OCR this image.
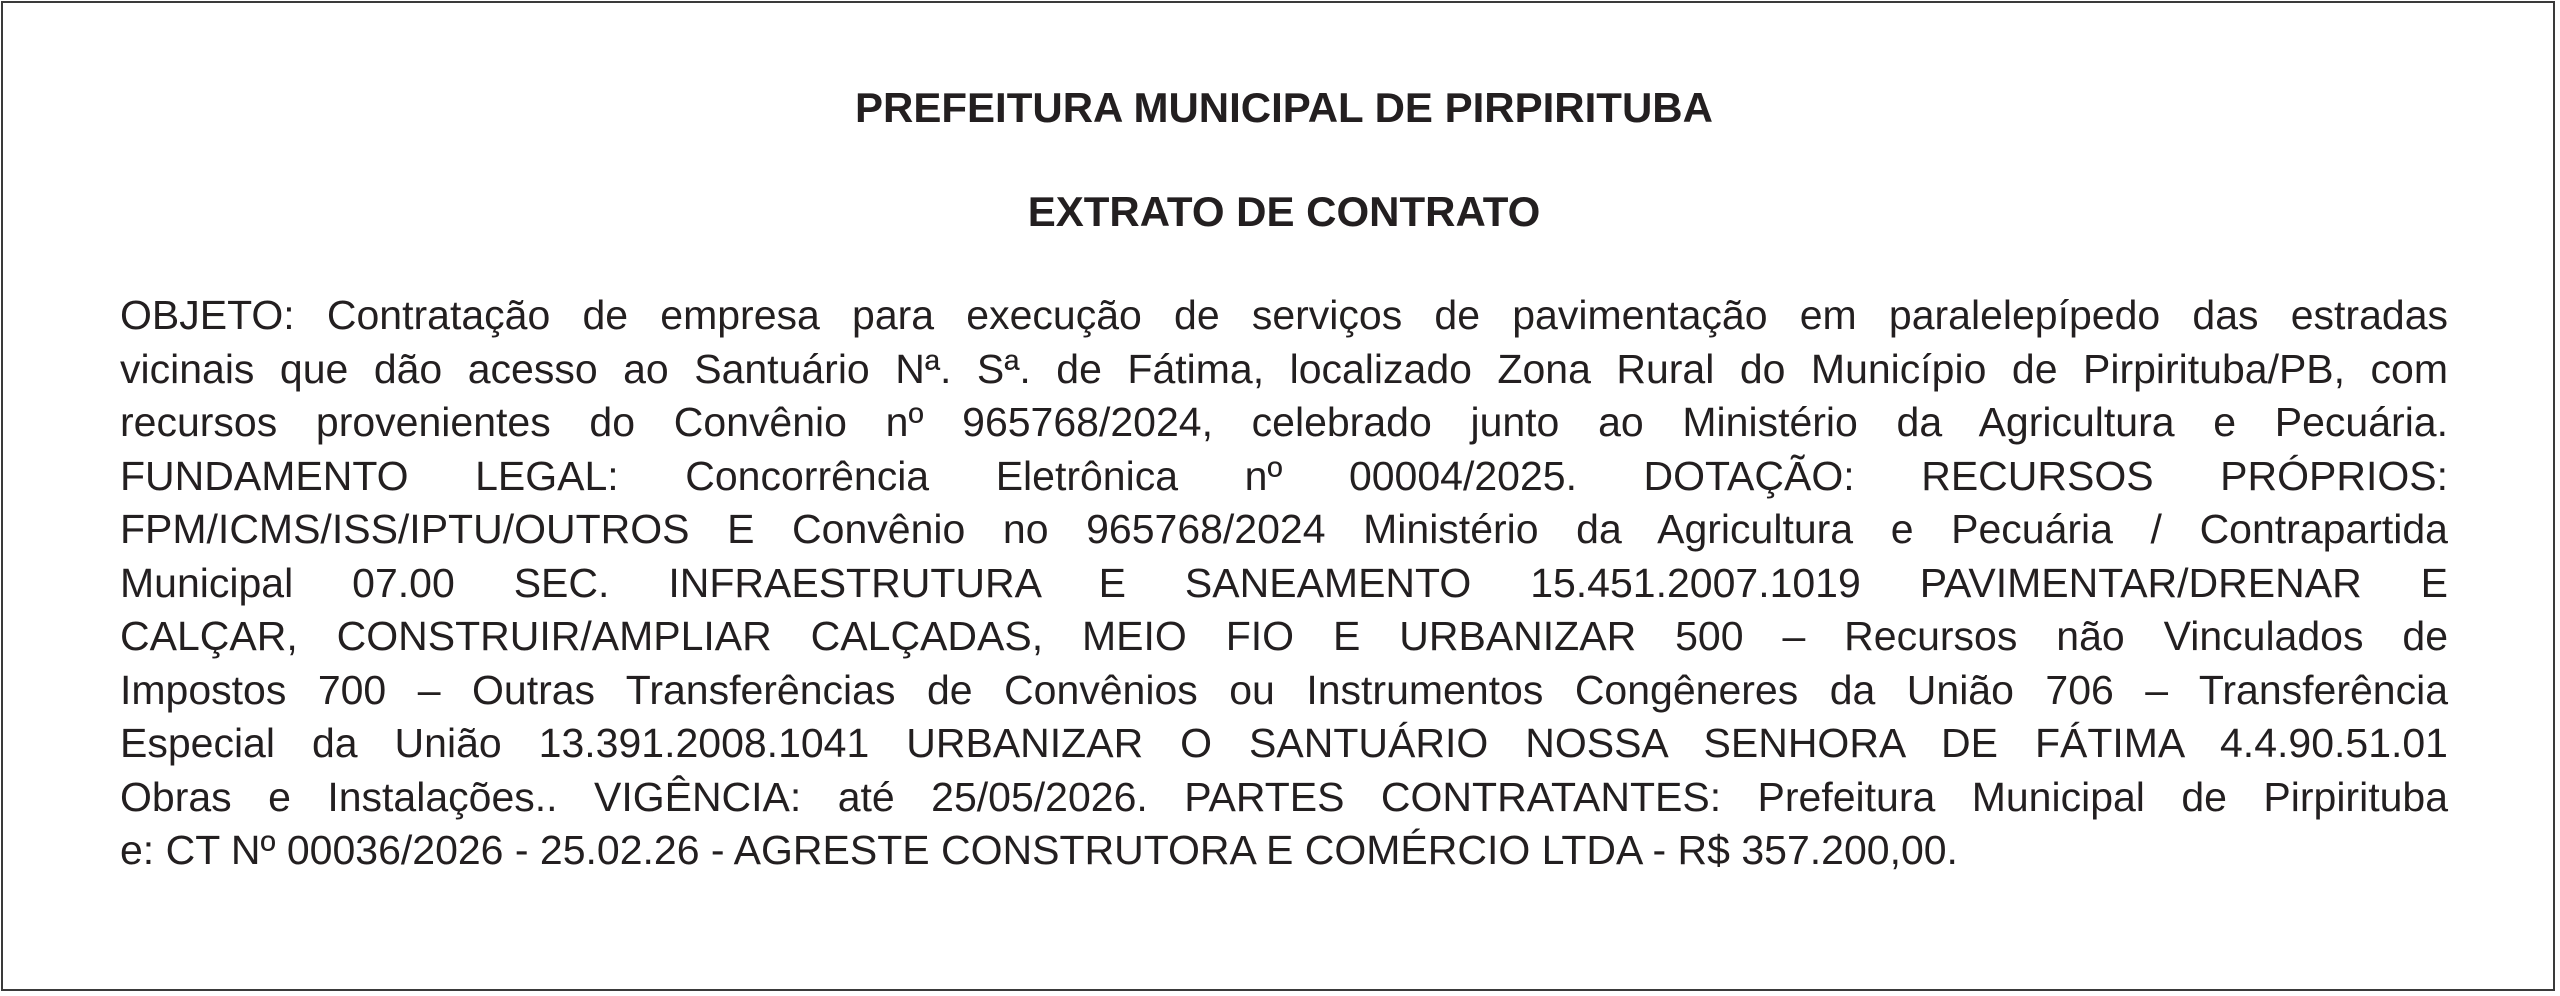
PREFEITURA MUNICIPAL DE PIRPIRITUBA

EXTRATO DE CONTRATO

OBJETO: Contratação de empresa para execução de serviços de pavimentação em paralelepípedo das estradas
vicinais que dão acesso ao Santuário Nª. Sª. de Fátima, localizado Zona Rural do Município de Pirpirituba/PB, com
recursos provenientes do Convênio nº 965768/2024, celebrado junto ao Ministério da Agricultura e Pecuária.
FUNDAMENTO LEGAL: Concorrência Eletrônica nº 00004/2025. DOTAÇÃO: RECURSOS PRÓPRIOS:
FPM/ICMS/ISS/IPTU/OUTROS E Convênio no 965768/2024 Ministério da Agricultura e Pecuária / Contrapartida
Municipal 07.00 SEC. INFRAESTRUTURA E SANEAMENTO 15.451.2007.1019 PAVIMENTAR/DRENAR E
CALÇAR, CONSTRUIR/AMPLIAR CALÇADAS, MEIO FIO E URBANIZAR 500 – Recursos não Vinculados de
Impostos 700 – Outras Transferências de Convênios ou Instrumentos Congêneres da União 706 – Transferência
Especial da União 13.391.2008.1041 URBANIZAR O SANTUÁRIO NOSSA SENHORA DE FÁTIMA 4.4.90.51.01
Obras e Instalações.. VIGÊNCIA: até 25/05/2026. PARTES CONTRATANTES: Prefeitura Municipal de Pirpirituba
e: CT Nº 00036/2026 - 25.02.26 - AGRESTE CONSTRUTORA E COMÉRCIO LTDA - R$ 357.200,00.
